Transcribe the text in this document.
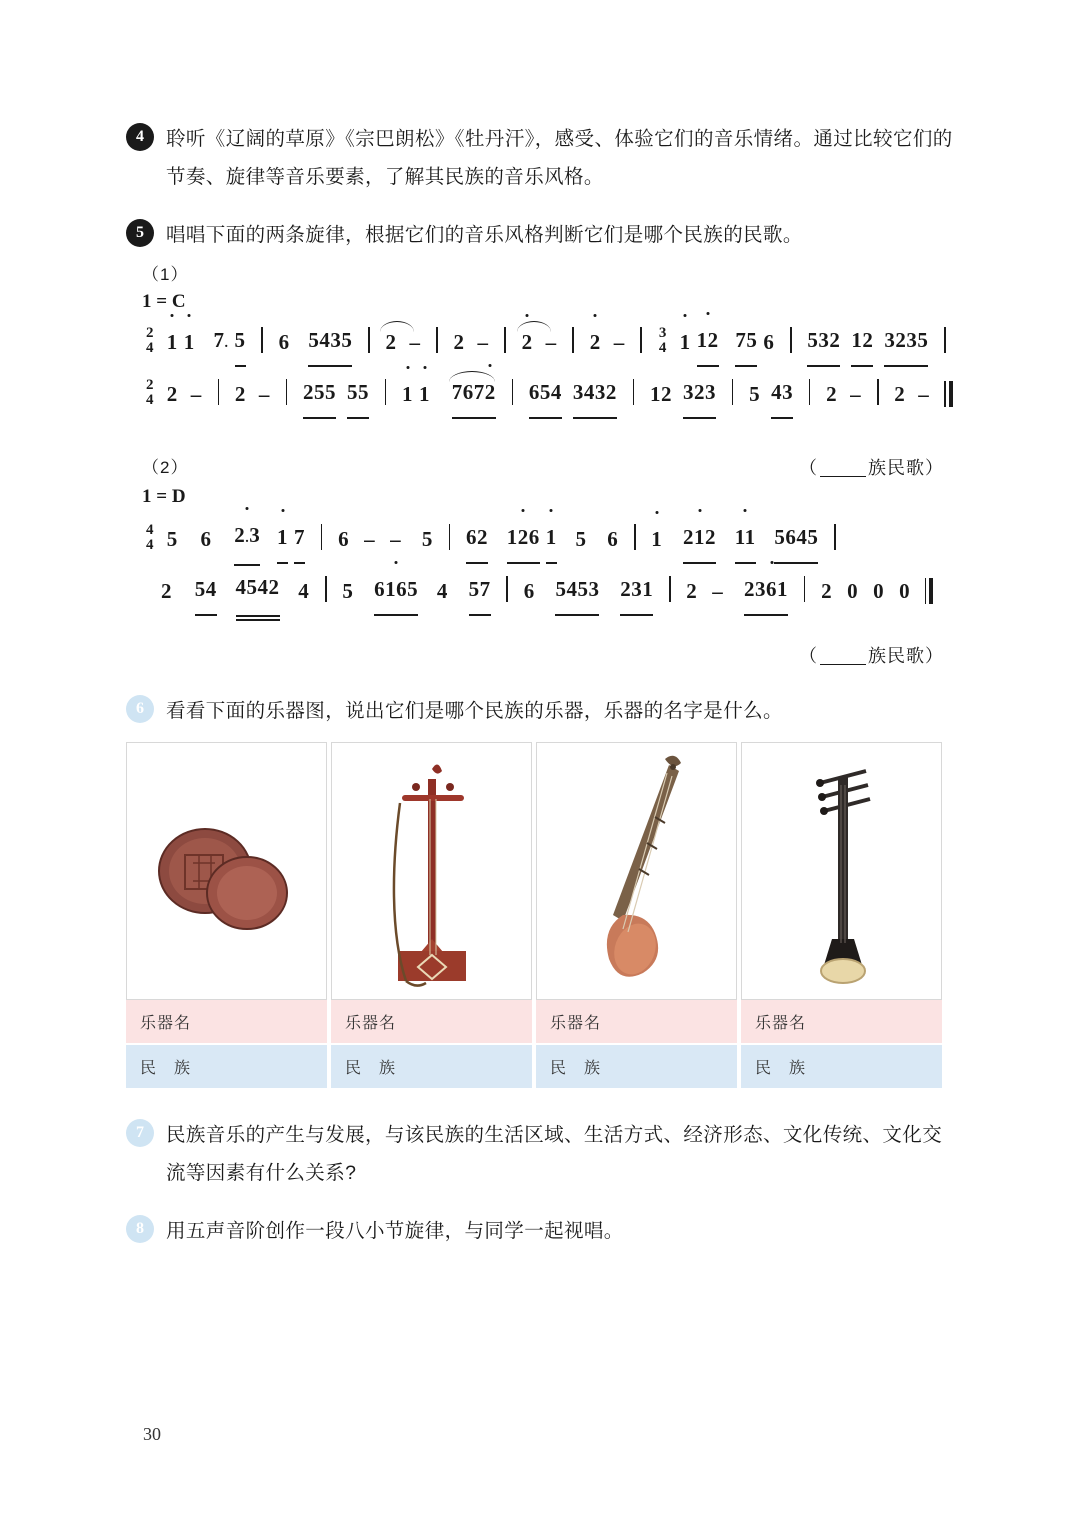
4	聆听《辽阔的草原》《宗巴朗松》《牡丹汗》，感受、体验它们的音乐情绪。通过比较它们的节奏、旋律等音乐要素，了解其民族的音乐风格。
5	唱唱下面的两条旋律，根据它们的音乐风格判断它们是哪个民族的民歌。
（1）
1 = C
2
4 1 1 7. 5 6 5435 2 – 2 – 2 – 2 – 3
4 1 12 75 6 532 12 3235
2
4 2 – 2 – 255 55 1 1 7672 654 3432 12 323 5 43 2 – 2 –
（2）	（	族民歌）
1 = D
4
4 5 6 2.3 1 7 6 – – 5 62 126 1 5 6 1 212 11 5645
2 54 4542 4 5 6165 4 57 6 5453 231 2 – 2361 2 0 0 0
（	族民歌）
6	看看下面的乐器图，说出它们是哪个民族的乐器，乐器的名字是什么。
乐器名
民　族
乐器名
民　族
乐器名
民　族
乐器名
民　族
7	民族音乐的产生与发展，与该民族的生活区域、生活方式、经济形态、文化传统、文化交流等因素有什么关系?
8	用五声音阶创作一段八小节旋律，与同学一起视唱。
30
